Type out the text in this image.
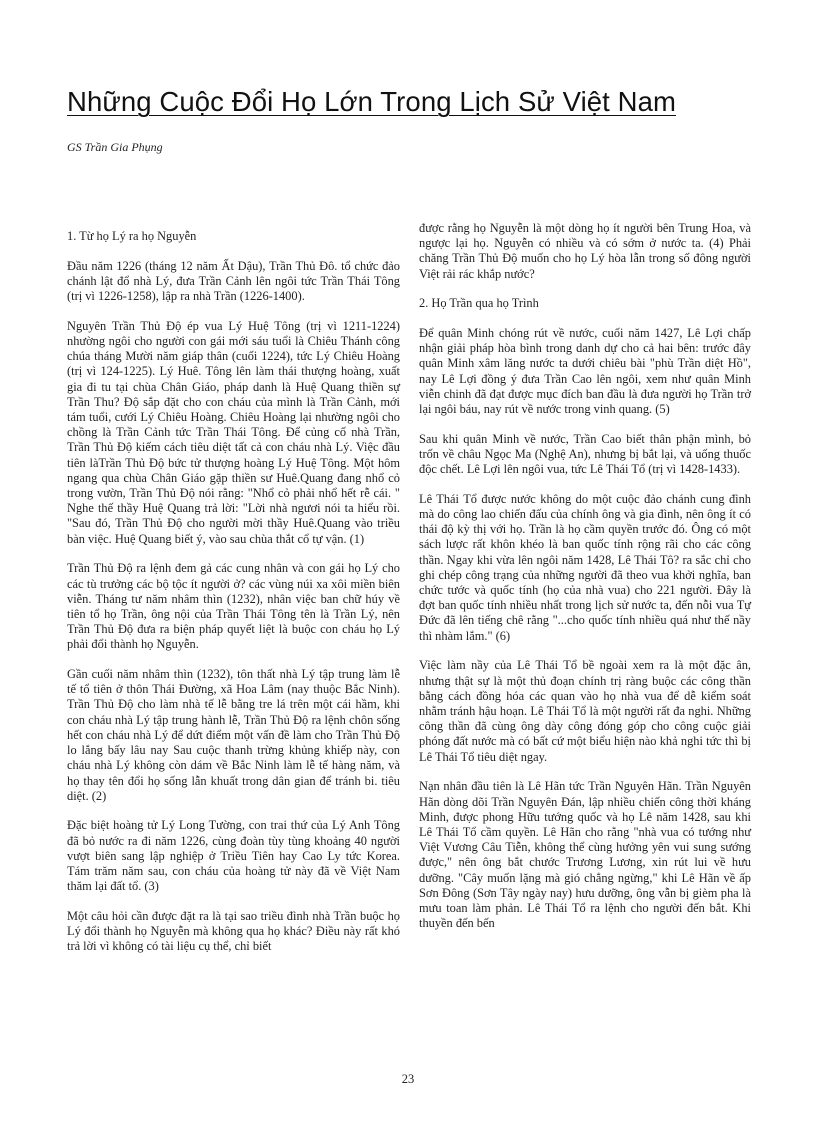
Những Cuộc Đổi Họ Lớn Trong Lịch Sử Việt Nam
GS Trần Gia Phụng

1. Từ họ Lý ra họ Nguyễn

Đầu năm 1226 (tháng 12 năm Ất Dậu), Trần Thủ Đô. tổ chức đảo chánh lật đổ nhà Lý, đưa Trần Cảnh lên ngôi tức Trần Thái Tông (trị vì 1226-1258), lập ra nhà Trần (1226-1400).

Nguyên Trần Thủ Độ ép vua Lý Huệ Tông (trị vì 1211-1224) nhường ngôi cho người con gái mới sáu tuổi là Chiêu Thánh công chúa tháng Mười năm giáp thân (cuối 1224), tức Lý Chiêu Hoàng (trị vì 124-1225). Lý Huê. Tông lên làm thái thượng hoàng, xuất gia đi tu tại chùa Chân Giáo, pháp danh là Huệ Quang thiền sự Trần Thu? Độ sắp đặt cho con cháu của mình là Trần Cảnh, mới tám tuổi, cưới Lý Chiêu Hoàng. Chiêu Hoàng lại nhường ngôi cho chồng là Trần Cảnh tức Trần Thái Tông. Để củng cố nhà Trần, Trần Thủ Độ kiếm cách tiêu diệt tất cả con cháu nhà Lý. Việc đầu tiên làTrần Thủ Độ bức tử thượng hoàng Lý Huệ Tông. Một hôm ngang qua chùa Chân Giáo gặp thiền sư Huê.Quang đang nhổ cỏ trong vườn, Trần Thủ Độ nói rằng: "Nhổ cỏ phải nhổ hết rễ cái. " Nghe thế thầy Huệ Quang trả lời: "Lời nhà ngươi nói ta hiểu rồi. "Sau đó, Trần Thủ Độ cho người mời thầy Huê.Quang vào triều bàn việc. Huệ Quang biết ý, vào sau chùa thắt cổ tự vận. (1)

Trần Thủ Độ ra lệnh đem gả các cung nhân và con gái họ Lý cho các tù trưởng các bộ tộc ít người ở? các vùng núi xa xôi miền biên viễn. Tháng tư năm nhâm thìn (1232), nhân việc ban chữ húy về tiên tổ họ Trần, ông nội của Trần Thái Tông tên là Trần Lý, nên Trần Thủ Độ đưa ra biện pháp quyết liệt là buộc con cháu họ Lý phải đổi thành họ Nguyễn.

Gần cuối năm nhâm thìn (1232), tôn thất nhà Lý tập trung làm lễ tế tổ tiên ở thôn Thái Đường, xã Hoa Lâm (nay thuộc Bắc Ninh). Trần Thủ Độ cho làm nhà tế lễ bằng tre lá trên một cái hầm, khi con cháu nhà Lý tập trung hành lễ, Trần Thủ Độ ra lệnh chôn sống hết con cháu nhà Lý để dứt điểm một vấn đề làm cho Trần Thủ Độ lo lắng bấy lâu nay Sau cuộc thanh trừng khủng khiếp này, con cháu nhà Lý không còn dám về Bắc Ninh làm lễ tế hàng năm, và họ thay tên đổi họ sống lẫn khuất trong dân gian để tránh bi. tiêu diệt. (2)

Đặc biệt hoàng tử Lý Long Tường, con trai thứ của Lý Anh Tông đã bỏ nước ra đi năm 1226, cùng đoàn tùy tùng khoảng 40 người vượt biên sang lập nghiệp ở Triều Tiên hay Cao Ly tức Korea. Tám trăm năm sau, con cháu của hoàng tử này đã về Việt Nam thăm lại đất tổ. (3)

Một câu hỏi cần được đặt ra là tại sao triều đình nhà Trần buộc họ Lý đổi thành họ Nguyễn mà không qua họ khác? Điều này rất khó trả lời vì không có tài liệu cụ thể, chỉ biết

được rằng họ Nguyễn là một dòng họ ít người bên Trung Hoa, và ngược lại họ. Nguyễn có nhiều và có sớm ở nước ta. (4) Phải chăng Trần Thủ Độ muốn cho họ Lý hòa lẫn trong số đông người Việt rải rác khắp nước?

2. Họ Trần qua họ Trình

Để quân Minh chóng rút về nước, cuối năm 1427, Lê Lợi chấp nhận giải pháp hòa bình trong danh dự cho cả hai bên: trước đây quân Minh xâm lăng nước ta dưới chiêu bài "phù Trần diệt Hồ", nay Lê Lợi đồng ý đưa Trần Cao lên ngôi, xem như quân Minh viễn chinh đã đạt được mục đích ban đầu là đưa người họ Trần trở lại ngôi báu, nay rút về nước trong vinh quang. (5)

Sau khi quân Minh về nước, Trần Cao biết thân phận mình, bỏ trốn về châu Ngọc Ma (Nghệ An), nhưng bị bắt lại, và uống thuốc độc chết. Lê Lợi lên ngôi vua, tức Lê Thái Tổ (trị vì 1428-1433).

Lê Thái Tổ được nước không do một cuộc đảo chánh cung đình mà do công lao chiến đấu của chính ông và gia đình, nên ông ít có thái độ kỳ thị với họ. Trần là họ cầm quyền trước đó. Ông có một sách lược rất khôn khéo là ban quốc tính rộng rãi cho các công thần. Ngay khi vừa lên ngôi năm 1428, Lê Thái Tô? ra sắc chỉ cho ghi chép công trạng của những người đã theo vua khởi nghĩa, ban chức tước và quốc tính (họ của nhà vua) cho 221 người. Đây là đợt ban quốc tính nhiều nhất trong lịch sử nước ta, đến nỗi vua Tự Đức đã lên tiếng chê rằng "...cho quốc tính nhiều quá như thế nầy thì nhàm lắm." (6)

Việc làm nầy của Lê Thái Tổ bề ngoài xem ra là một đặc ân, nhưng thật sự là một thủ đoạn chính trị ràng buộc các công thần bằng cách đồng hóa các quan vào họ nhà vua để dễ kiểm soát nhằm tránh hậu hoạn. Lê Thái Tổ là một người rất đa nghi. Những công thần đã cùng ông dày công đóng góp cho công cuộc giải phóng đất nước mà có bất cứ một biểu hiện nào khả nghi tức thì bị Lê Thái Tổ tiêu diệt ngay.

Nạn nhân đầu tiên là Lê Hãn tức Trần Nguyên Hãn. Trần Nguyên Hãn dòng dõi Trần Nguyên Đán, lập nhiều chiến công thời kháng Minh, được phong Hữu tướng quốc và họ Lê năm 1428, sau khi Lê Thái Tổ cầm quyền. Lê Hãn cho rằng "nhà vua có tướng như Việt Vương Câu Tiễn, không thể cùng hưởng yên vui sung sướng được," nên ông bắt chước Trương Lương, xin rút lui về hưu dưỡng. "Cây muốn lặng mà gió chẳng ngừng," khi Lê Hãn về ấp Sơn Đông (Sơn Tây ngày nay) hưu dưỡng, ông vẫn bị gièm pha là mưu toan làm phản. Lê Thái Tổ ra lệnh cho người đến bắt. Khi thuyền đến bến

23
